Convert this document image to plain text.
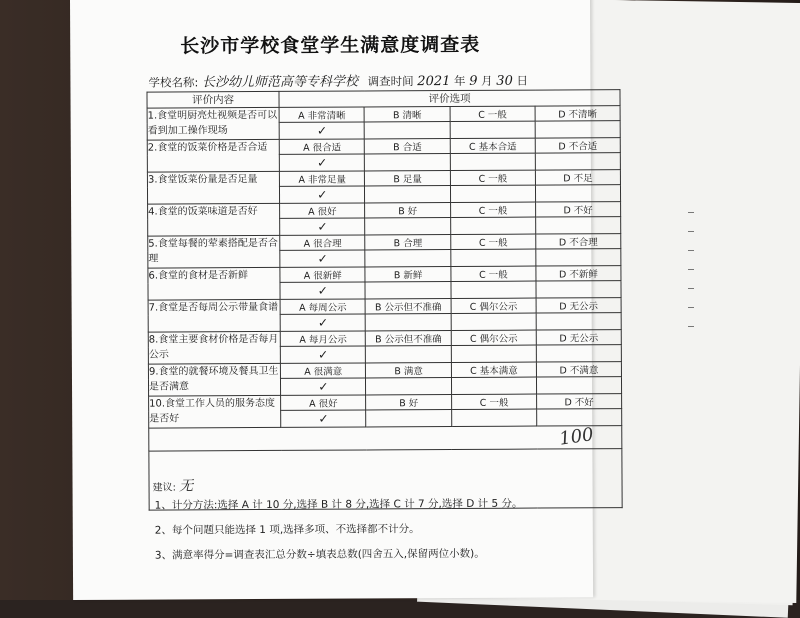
长沙市学校食堂学生满意度调查表
学校名称: 长沙幼儿师范高等专科学校 调查时间 2021 年 9 月 30 日
评价内容	评价选项			
1.食堂明厨亮灶视频是否可以看到加工操作现场	A 非常清晰	B 清晰	C 一般	D 不清晰
	✓			
2.食堂的饭菜价格是否合适	A 很合适	B 合适	C 基本合适	D 不合适
	✓			
3.食堂饭菜份量是否足量	A 非常足量	B 足量	C 一般	D 不足
	✓			
4.食堂的饭菜味道是否好	A 很好	B 好	C 一般	D 不好
	✓			
5.食堂每餐的荤素搭配是否合理	A 很合理	B 合理	C 一般	D 不合理
	✓			
6.食堂的食材是否新鲜	A 很新鲜	B 新鲜	C 一般	D 不新鲜
	✓			
7.食堂是否每周公示带量食谱	A 每周公示	B 公示但不准确	C 偶尔公示	D 无公示
	✓			
8.食堂主要食材价格是否每月公示	A 每月公示	B 公示但不准确	C 偶尔公示	D 无公示
	✓			
9.食堂的就餐环境及餐具卫生是否满意	A 很满意	B 满意	C 基本满意	D 不满意
	✓			
10.食堂工作人员的服务态度是否好	A 很好	B 好	C 一般	D 不好
	✓			

100				

建议: 无				
1、计分方法:选择 A 计 10 分,选择 B 计 8 分,选择 C 计 7 分,选择 D 计 5 分。
2、每个问题只能选择 1 项,选择多项、不选择都不计分。
3、满意率得分=调查表汇总分数÷填表总数(四舍五入,保留两位小数)。
